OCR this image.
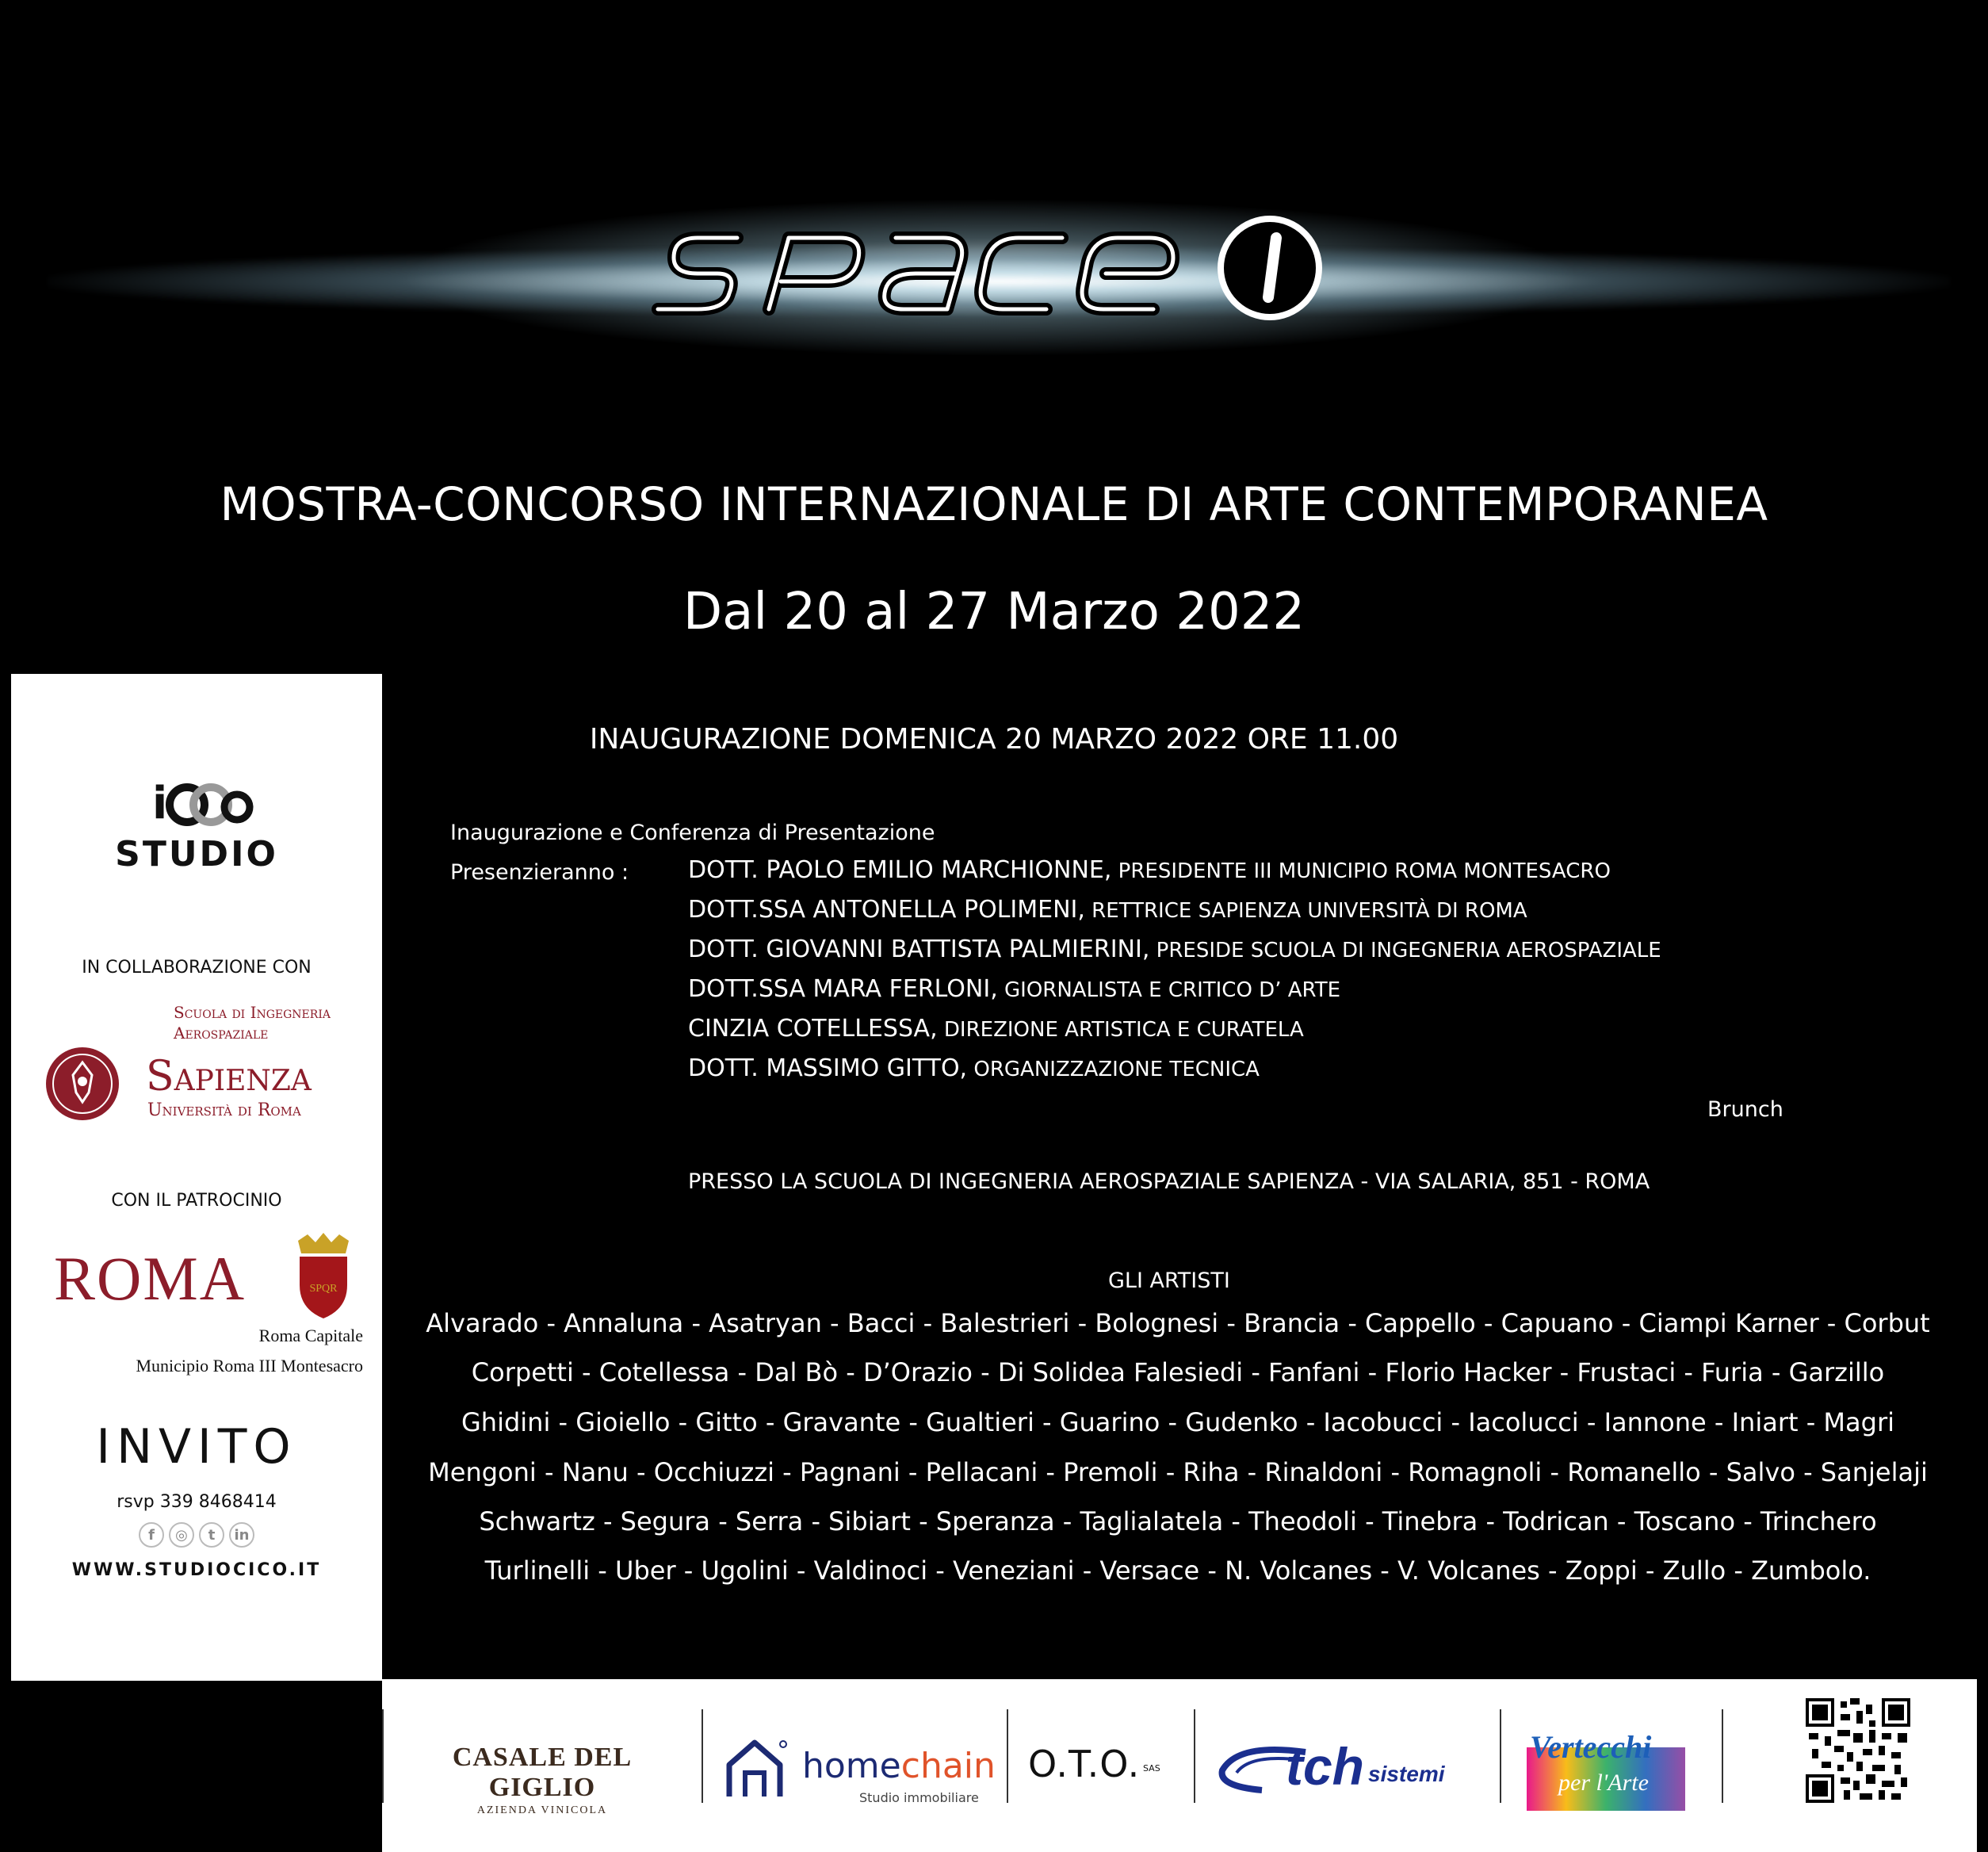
MOSTRA-CONCORSO INTERNAZIONALE DI ARTE CONTEMPORANEA
Dal 20 al 27 Marzo 2022
INAUGURAZIONE DOMENICA 20 MARZO 2022 ORE 11.00
i
STUDIO
IN COLLABORAZIONE CON
Scuola di Ingegneria
Aerospaziale
Sapienza
Università di Roma
CON IL PATROCINIO
ROMA	SPQR
Roma Capitale
Municipio Roma III Montesacro
INVITO
rsvp 339 8468414
f	◎	t	in
WWW.STUDIOCICO.IT
Inaugurazione e Conferenza di Presentazione
Presenzieranno : DOTT. PAOLO EMILIO MARCHIONNE, PRESIDENTE III MUNICIPIO ROMA MONTESACRO
DOTT.SSA ANTONELLA POLIMENI, RETTRICE SAPIENZA UNIVERSITÀ DI ROMA
DOTT. GIOVANNI BATTISTA PALMIERINI, PRESIDE SCUOLA DI INGEGNERIA AEROSPAZIALE
DOTT.SSA MARA FERLONI, GIORNALISTA E CRITICO D’ ARTE
CINZIA COTELLESSA, DIREZIONE ARTISTICA E CURATELA
DOTT. MASSIMO GITTO, ORGANIZZAZIONE TECNICA
Brunch
PRESSO LA SCUOLA DI INGEGNERIA AEROSPAZIALE SAPIENZA - VIA SALARIA, 851 - ROMA
GLI ARTISTI
Alvarado - Annaluna - Asatryan - Bacci - Balestrieri - Bolognesi - Brancia - Cappello - Capuano - Ciampi Karner - Corbut
Corpetti - Cotellessa - Dal Bò - D’Orazio - Di Solidea Falesiedi - Fanfani - Florio Hacker - Frustaci - Furia - Garzillo
Ghidini - Gioiello - Gitto - Gravante - Gualtieri - Guarino - Gudenko - Iacobucci - Iacolucci - Iannone - Iniart - Magri
Mengoni - Nanu - Occhiuzzi - Pagnani - Pellacani - Premoli - Riha - Rinaldoni - Romagnoli - Romanello - Salvo - Sanjelaji
Schwartz - Segura - Serra - Sibiart - Speranza - Taglialatela - Theodoli - Tinebra - Todrican - Toscano - Trinchero
Turlinelli - Uber - Ugolini - Valdinoci - Veneziani - Versace - N. Volcanes - V. Volcanes - Zoppi - Zullo - Zumbolo.
CASALE DEL GIGLIO
AZIENDA VINICOLA
homechain
Studio immobiliare
O.T.O. SAS tch sistemi
Vertecchi
per l'Arte
